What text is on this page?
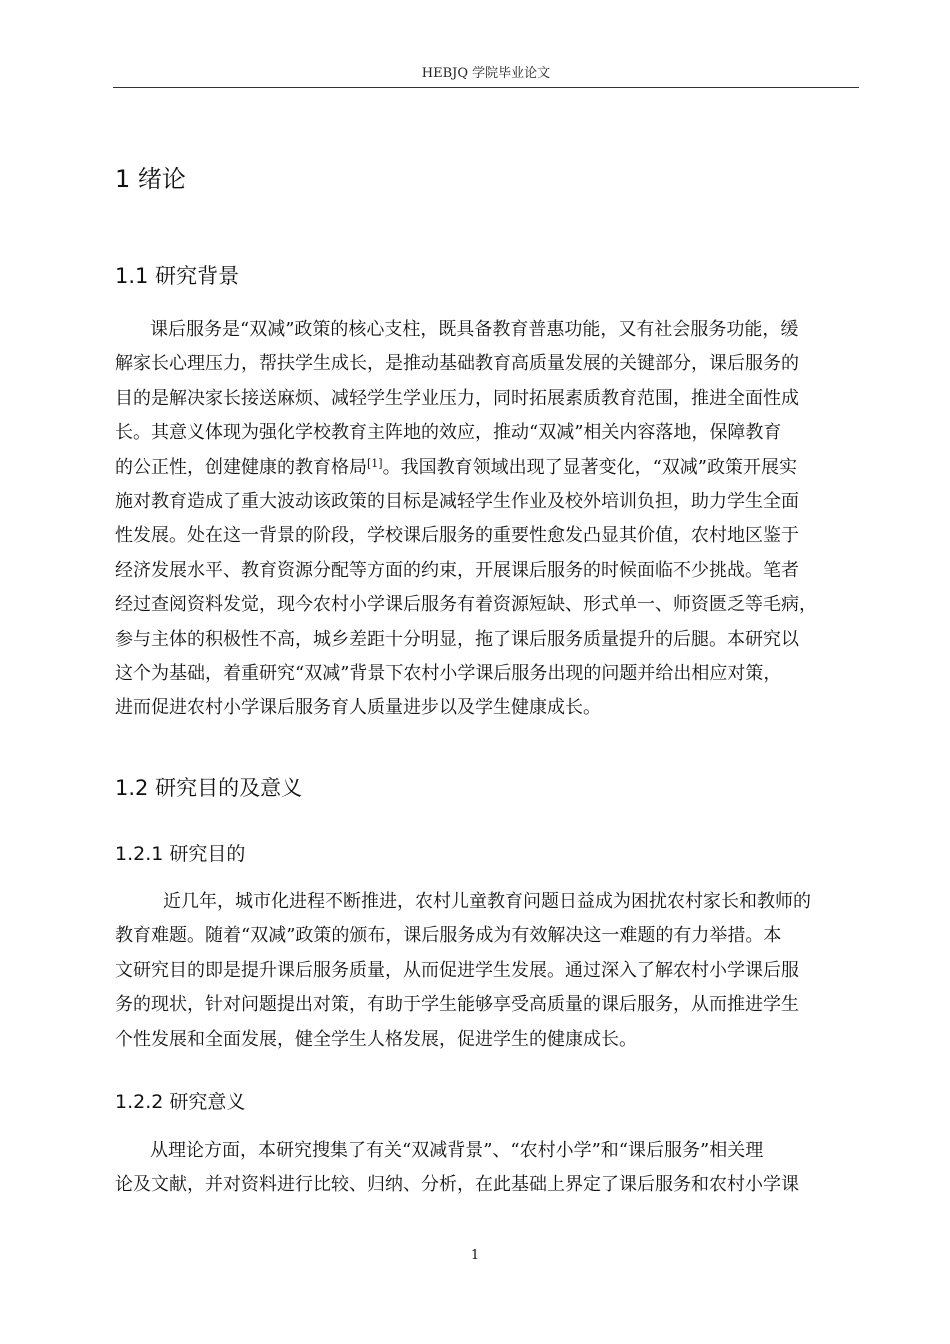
HEBJQ 学院毕业论文
1 绪论
1.1 研究背景
课后服务是“双减”政策的核心支柱，既具备教育普惠功能，又有社会服务功能，缓
解家长心理压力，帮扶学生成长，是推动基础教育高质量发展的关键部分，课后服务的
目的是解决家长接送麻烦、减轻学生学业压力，同时拓展素质教育范围，推进全面性成
长。其意义体现为强化学校教育主阵地的效应，推动“双减”相关内容落地，保障教育
的公正性，创建健康的教育格局[1]。我国教育领域出现了显著变化，“双减”政策开展实
施对教育造成了重大波动该政策的目标是减轻学生作业及校外培训负担，助力学生全面
性发展。处在这一背景的阶段，学校课后服务的重要性愈发凸显其价值，农村地区鉴于
经济发展水平、教育资源分配等方面的约束，开展课后服务的时候面临不少挑战。笔者
经过查阅资料发觉，现今农村小学课后服务有着资源短缺、形式单一、师资匮乏等毛病，
参与主体的积极性不高，城乡差距十分明显，拖了课后服务质量提升的后腿。本研究以
这个为基础，着重研究“双减”背景下农村小学课后服务出现的问题并给出相应对策，
进而促进农村小学课后服务育人质量进步以及学生健康成长。
1.2 研究目的及意义
1.2.1 研究目的
近几年，城市化进程不断推进，农村儿童教育问题日益成为困扰农村家长和教师的
教育难题。随着“双减”政策的颁布，课后服务成为有效解决这一难题的有力举措。本
文研究目的即是提升课后服务质量，从而促进学生发展。通过深入了解农村小学课后服
务的现状，针对问题提出对策，有助于学生能够享受高质量的课后服务，从而推进学生
个性发展和全面发展，健全学生人格发展，促进学生的健康成长。
1.2.2 研究意义
从理论方面，本研究搜集了有关“双减背景”、“农村小学”和“课后服务”相关理
论及文献，并对资料进行比较、归纳、分析，在此基础上界定了课后服务和农村小学课
1
